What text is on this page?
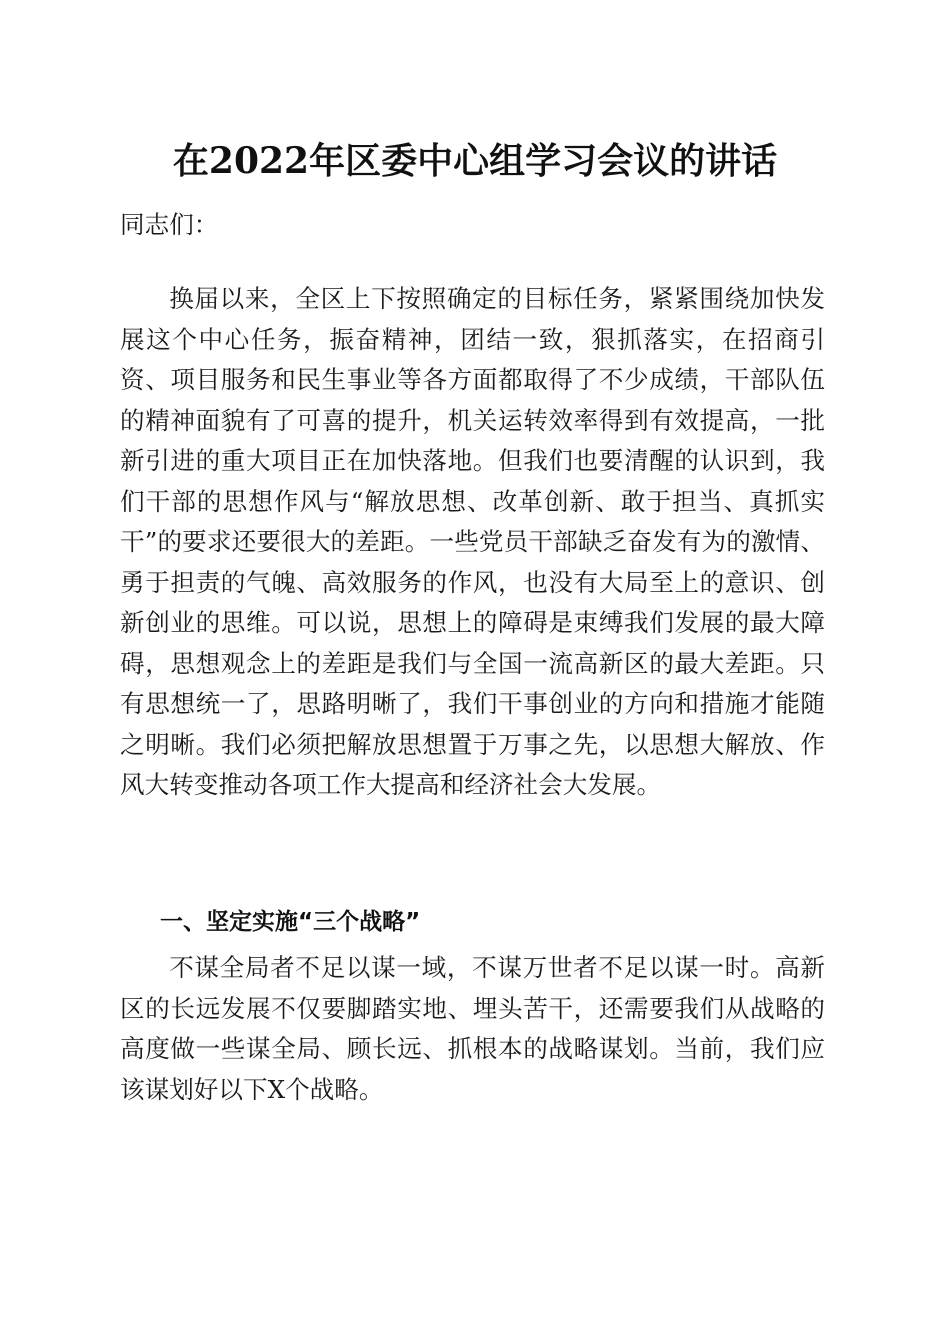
在2022年区委中心组学习会议的讲话

同志们：

换届以来，全区上下按照确定的目标任务，紧紧围绕加快发展这个中心任务，振奋精神，团结一致，狠抓落实，在招商引资、项目服务和民生事业等各方面都取得了不少成绩，干部队伍的精神面貌有了可喜的提升，机关运转效率得到有效提高，一批新引进的重大项目正在加快落地。但我们也要清醒的认识到，我们干部的思想作风与“解放思想、改革创新、敢于担当、真抓实干”的要求还要很大的差距。一些党员干部缺乏奋发有为的激情、勇于担责的气魄、高效服务的作风，也没有大局至上的意识、创新创业的思维。可以说，思想上的障碍是束缚我们发展的最大障碍，思想观念上的差距是我们与全国一流高新区的最大差距。只有思想统一了，思路明晰了，我们干事创业的方向和措施才能随之明晰。我们必须把解放思想置于万事之先，以思想大解放、作风大转变推动各项工作大提高和经济社会大发展。

一、坚定实施“三个战略”

不谋全局者不足以谋一域，不谋万世者不足以谋一时。高新区的长远发展不仅要脚踏实地、埋头苦干，还需要我们从战略的高度做一些谋全局、顾长远、抓根本的战略谋划。当前，我们应该谋划好以下X个战略。
